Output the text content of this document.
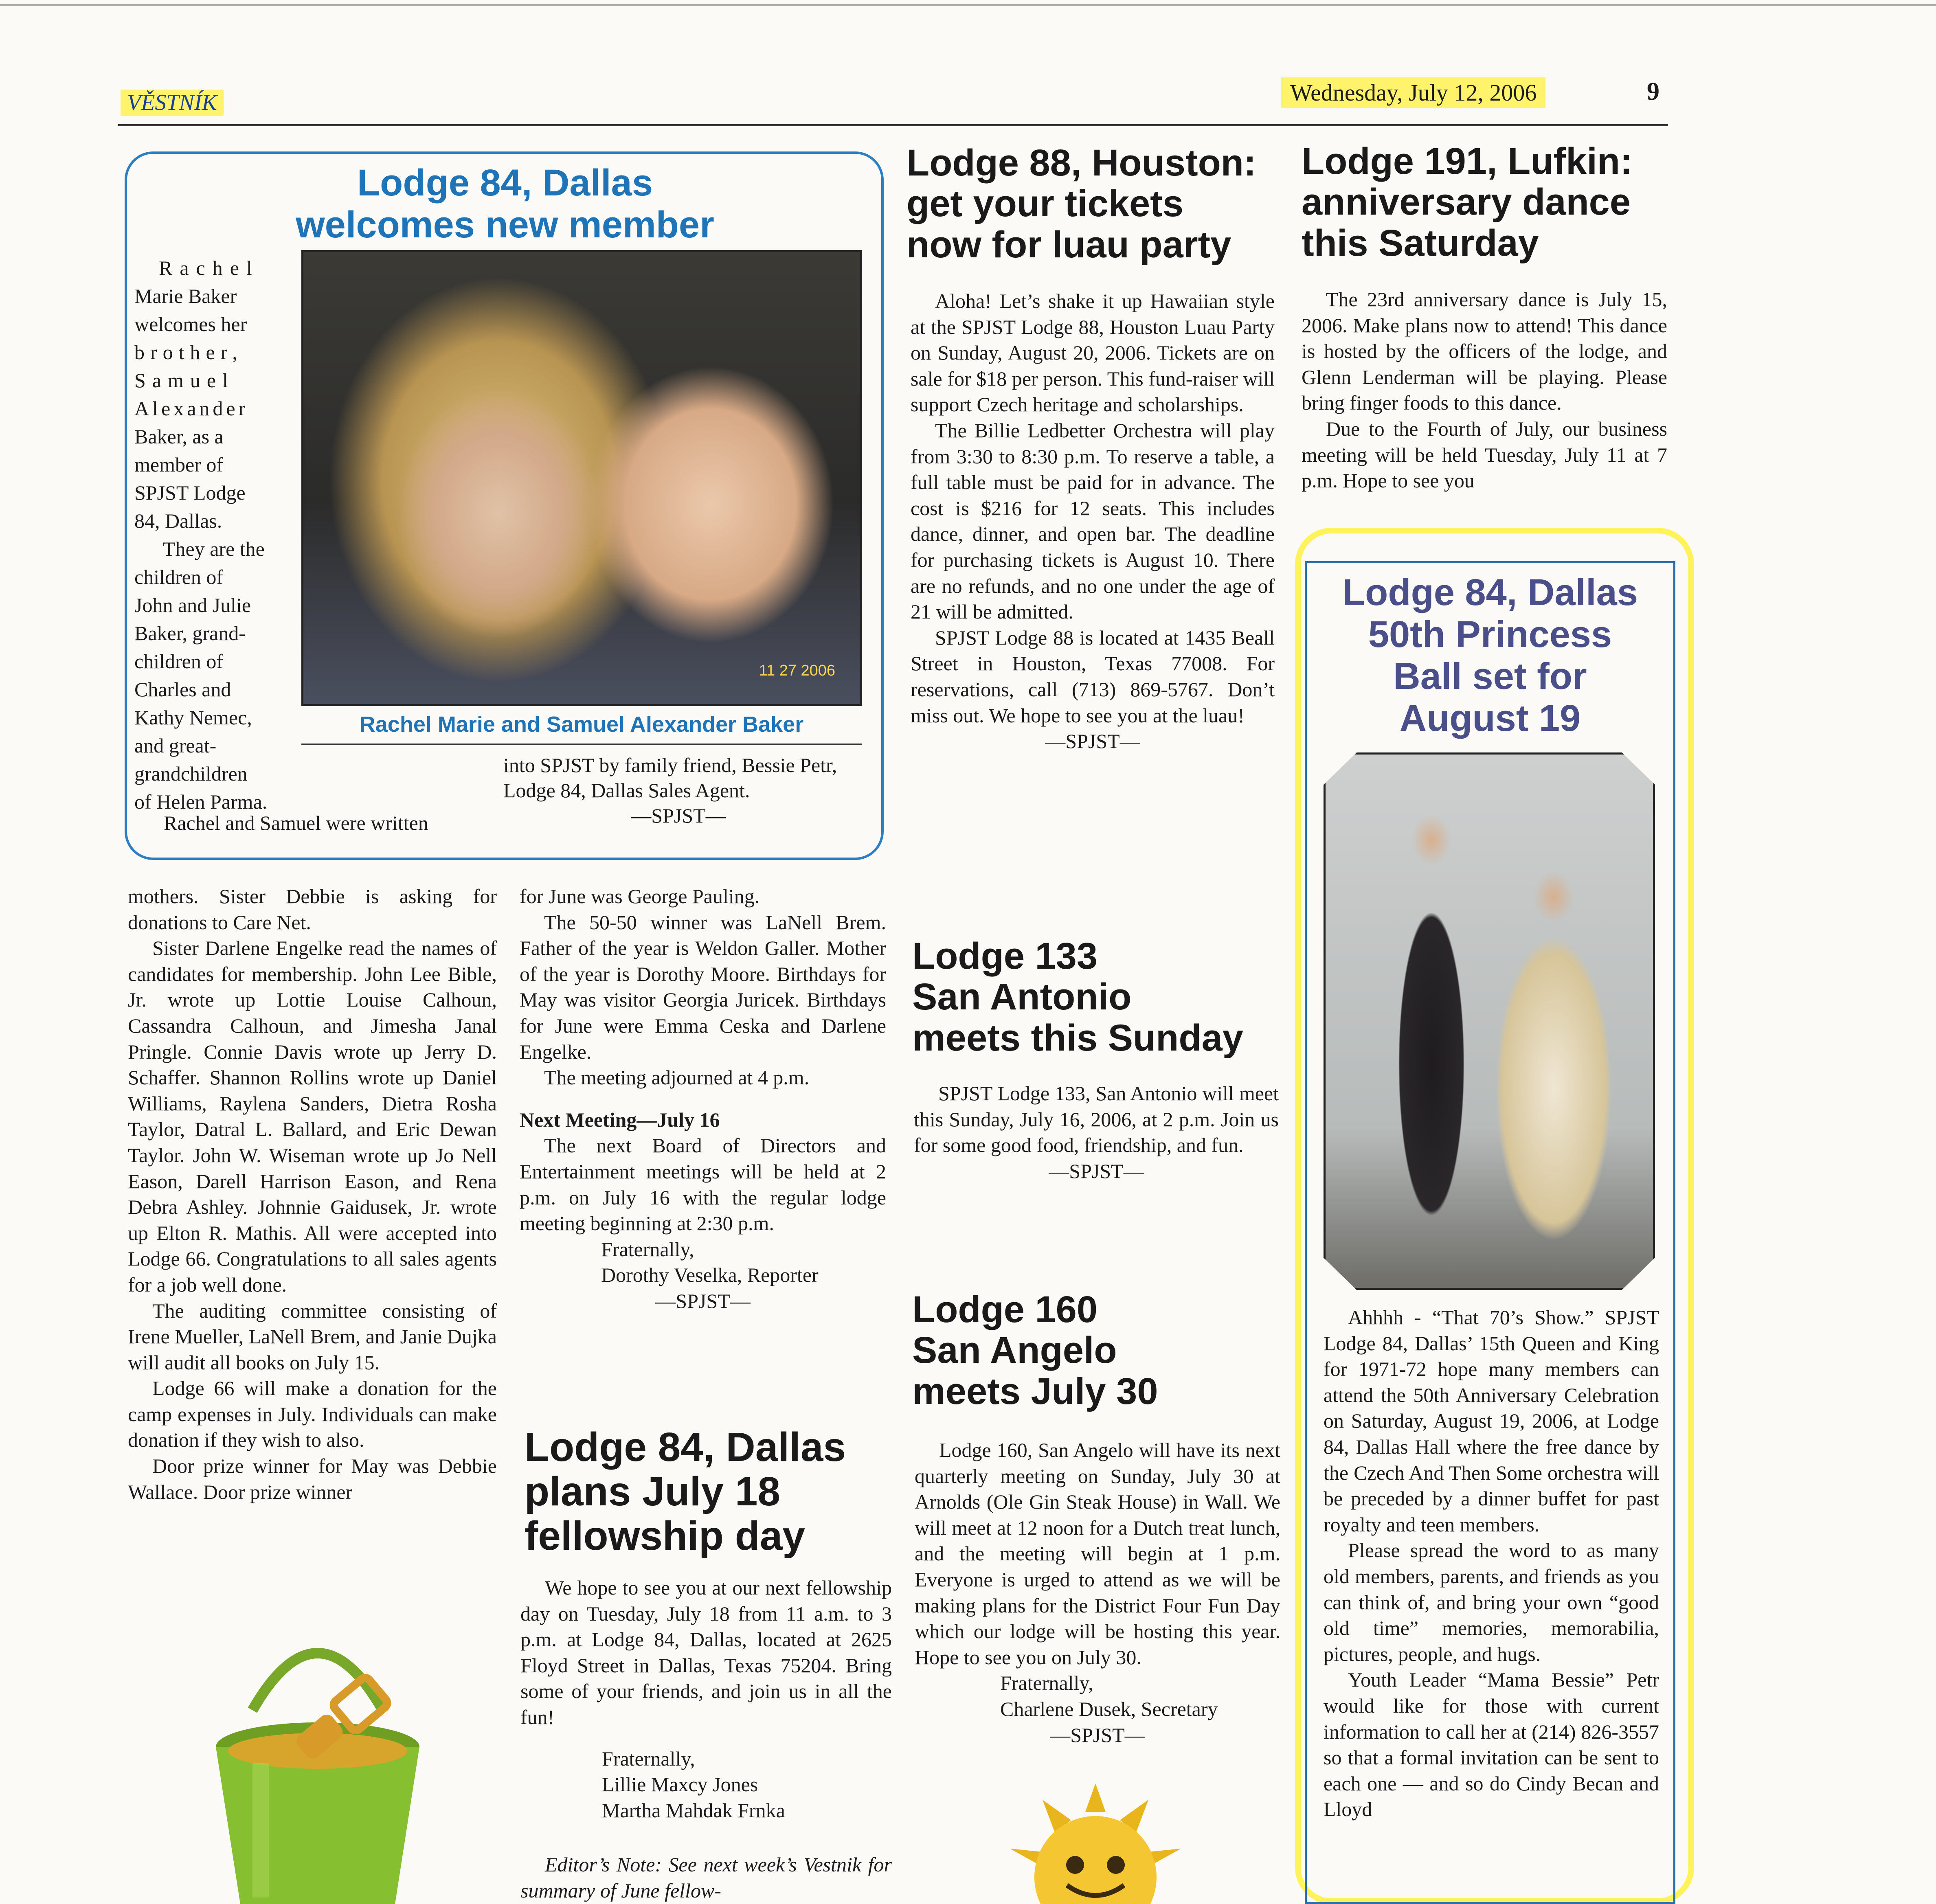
VĚSTNÍK	Wednesday, July 12, 2006	9
Lodge 84, Dallas
welcomes new member
Rachel
Marie Baker
welcomes her
brother,
Samuel
Alexander
Baker, as a
member of
SPJST Lodge
84, Dallas.
They are the
children of
John and Julie
Baker, grand-
children of
Charles and
Kathy Nemec,
and great-
grandchildren
of Helen Parma.
11 27 2006
Rachel Marie and Samuel Alexander Baker
Rachel and Samuel were written

into SPJST by family friend, Bessie Petr, Lodge 84, Dallas Sales Agent.

—SPJST—

mothers. Sister Debbie is asking for donations to Care Net.

Sister Darlene Engelke read the names of candidates for membership. John Lee Bible, Jr. wrote up Lottie Louise Calhoun, Cassandra Calhoun, and Jimesha Janal Pringle. Connie Davis wrote up Jerry D. Schaffer. Shannon Rollins wrote up Daniel Williams, Raylena Sanders, Dietra Rosha Taylor, Datral L. Ballard, and Eric Dewan Taylor. John W. Wiseman wrote up Jo Nell Eason, Darell Harrison Eason, and Rena Debra Ashley. Johnnie Gaidusek, Jr. wrote up Elton R. Mathis. All were accepted into Lodge 66. Congratulations to all sales agents for a job well done.

The auditing committee consisting of Irene Mueller, LaNell Brem, and Janie Dujka will audit all books on July 15.

Lodge 66 will make a donation for the camp expenses in July. Individuals can make donation if they wish to also.

Door prize winner for May was Debbie Wallace. Door prize winner

for June was George Pauling.

The 50-50 winner was LaNell Brem. Father of the year is Weldon Galler. Mother of the year is Dorothy Moore. Birthdays for May was visitor Georgia Juricek. Birthdays for June were Emma Ceska and Darlene Engelke.

The meeting adjourned at 4 p.m.

Next Meeting—July 16

The next Board of Directors and Entertainment meetings will be held at 2 p.m. on July 16 with the regular lodge meeting beginning at 2:30 p.m.

Fraternally,

Dorothy Veselka, Reporter

—SPJST—

Lodge 84, Dallas
plans July 18
fellowship day

We hope to see you at our next fellowship day on Tuesday, July 18 from 11 a.m. to 3 p.m. at Lodge 84, Dallas, located at 2625 Floyd Street in Dallas, Texas 75204. Bring some of your friends, and join us in all the fun!

Fraternally,

Lillie Maxcy Jones

Martha Mahdak Frnka

Editor’s Note: See next week’s Vestnik for summary of June fellow-

Lodge 88, Houston:
get your tickets
now for luau party

Aloha! Let’s shake it up Hawaiian style at the SPJST Lodge 88, Houston Luau Party on Sunday, August 20, 2006. Tickets are on sale for $18 per person. This fund-raiser will support Czech heritage and scholarships.

The Billie Ledbetter Orchestra will play from 3:30 to 8:30 p.m. To reserve a table, a full table must be paid for in advance. The cost is $216 for 12 seats. This includes dance, dinner, and open bar. The deadline for purchasing tickets is August 10. There are no refunds, and no one under the age of 21 will be admitted.

SPJST Lodge 88 is located at 1435 Beall Street in Houston, Texas 77008. For reservations, call (713) 869-5767. Don’t miss out. We hope to see you at the luau!

—SPJST—

Lodge 133
San Antonio
meets this Sunday

SPJST Lodge 133, San Antonio will meet this Sunday, July 16, 2006, at 2 p.m. Join us for some good food, friendship, and fun.

—SPJST—

Lodge 160
San Angelo
meets July 30

Lodge 160, San Angelo will have its next quarterly meeting on Sunday, July 30 at Arnolds (Ole Gin Steak House) in Wall. We will meet at 12 noon for a Dutch treat lunch, and the meeting will begin at 1 p.m. Everyone is urged to attend as we will be making plans for the District Four Fun Day which our lodge will be hosting this year. Hope to see you on July 30.

Fraternally,

Charlene Dusek, Secretary

—SPJST—

Lodge 191, Lufkin:
anniversary dance
this Saturday

The 23rd anniversary dance is July 15, 2006. Make plans now to attend! This dance is hosted by the officers of the lodge, and Glenn Lenderman will be playing. Please bring finger foods to this dance.

Due to the Fourth of July, our business meeting will be held Tuesday, July 11 at 7 p.m. Hope to see you

Lodge 84, Dallas
50th Princess
Ball set for
August 19

Ahhhh - “That 70’s Show.” SPJST Lodge 84, Dallas’ 15th Queen and King for 1971-72 hope many members can attend the 50th Anniversary Celebration on Saturday, August 19, 2006, at Lodge 84, Dallas Hall where the free dance by the Czech And Then Some orchestra will be preceded by a dinner buffet for past royalty and teen members.

Please spread the word to as many old members, parents, and friends as you can think of, and bring your own “good old time” memories, memorabilia, pictures, people, and hugs.

Youth Leader “Mama Bessie” Petr would like for those with current information to call her at (214) 826-3557 so that a formal invitation can be sent to each one — and so do Cindy Becan and Lloyd
